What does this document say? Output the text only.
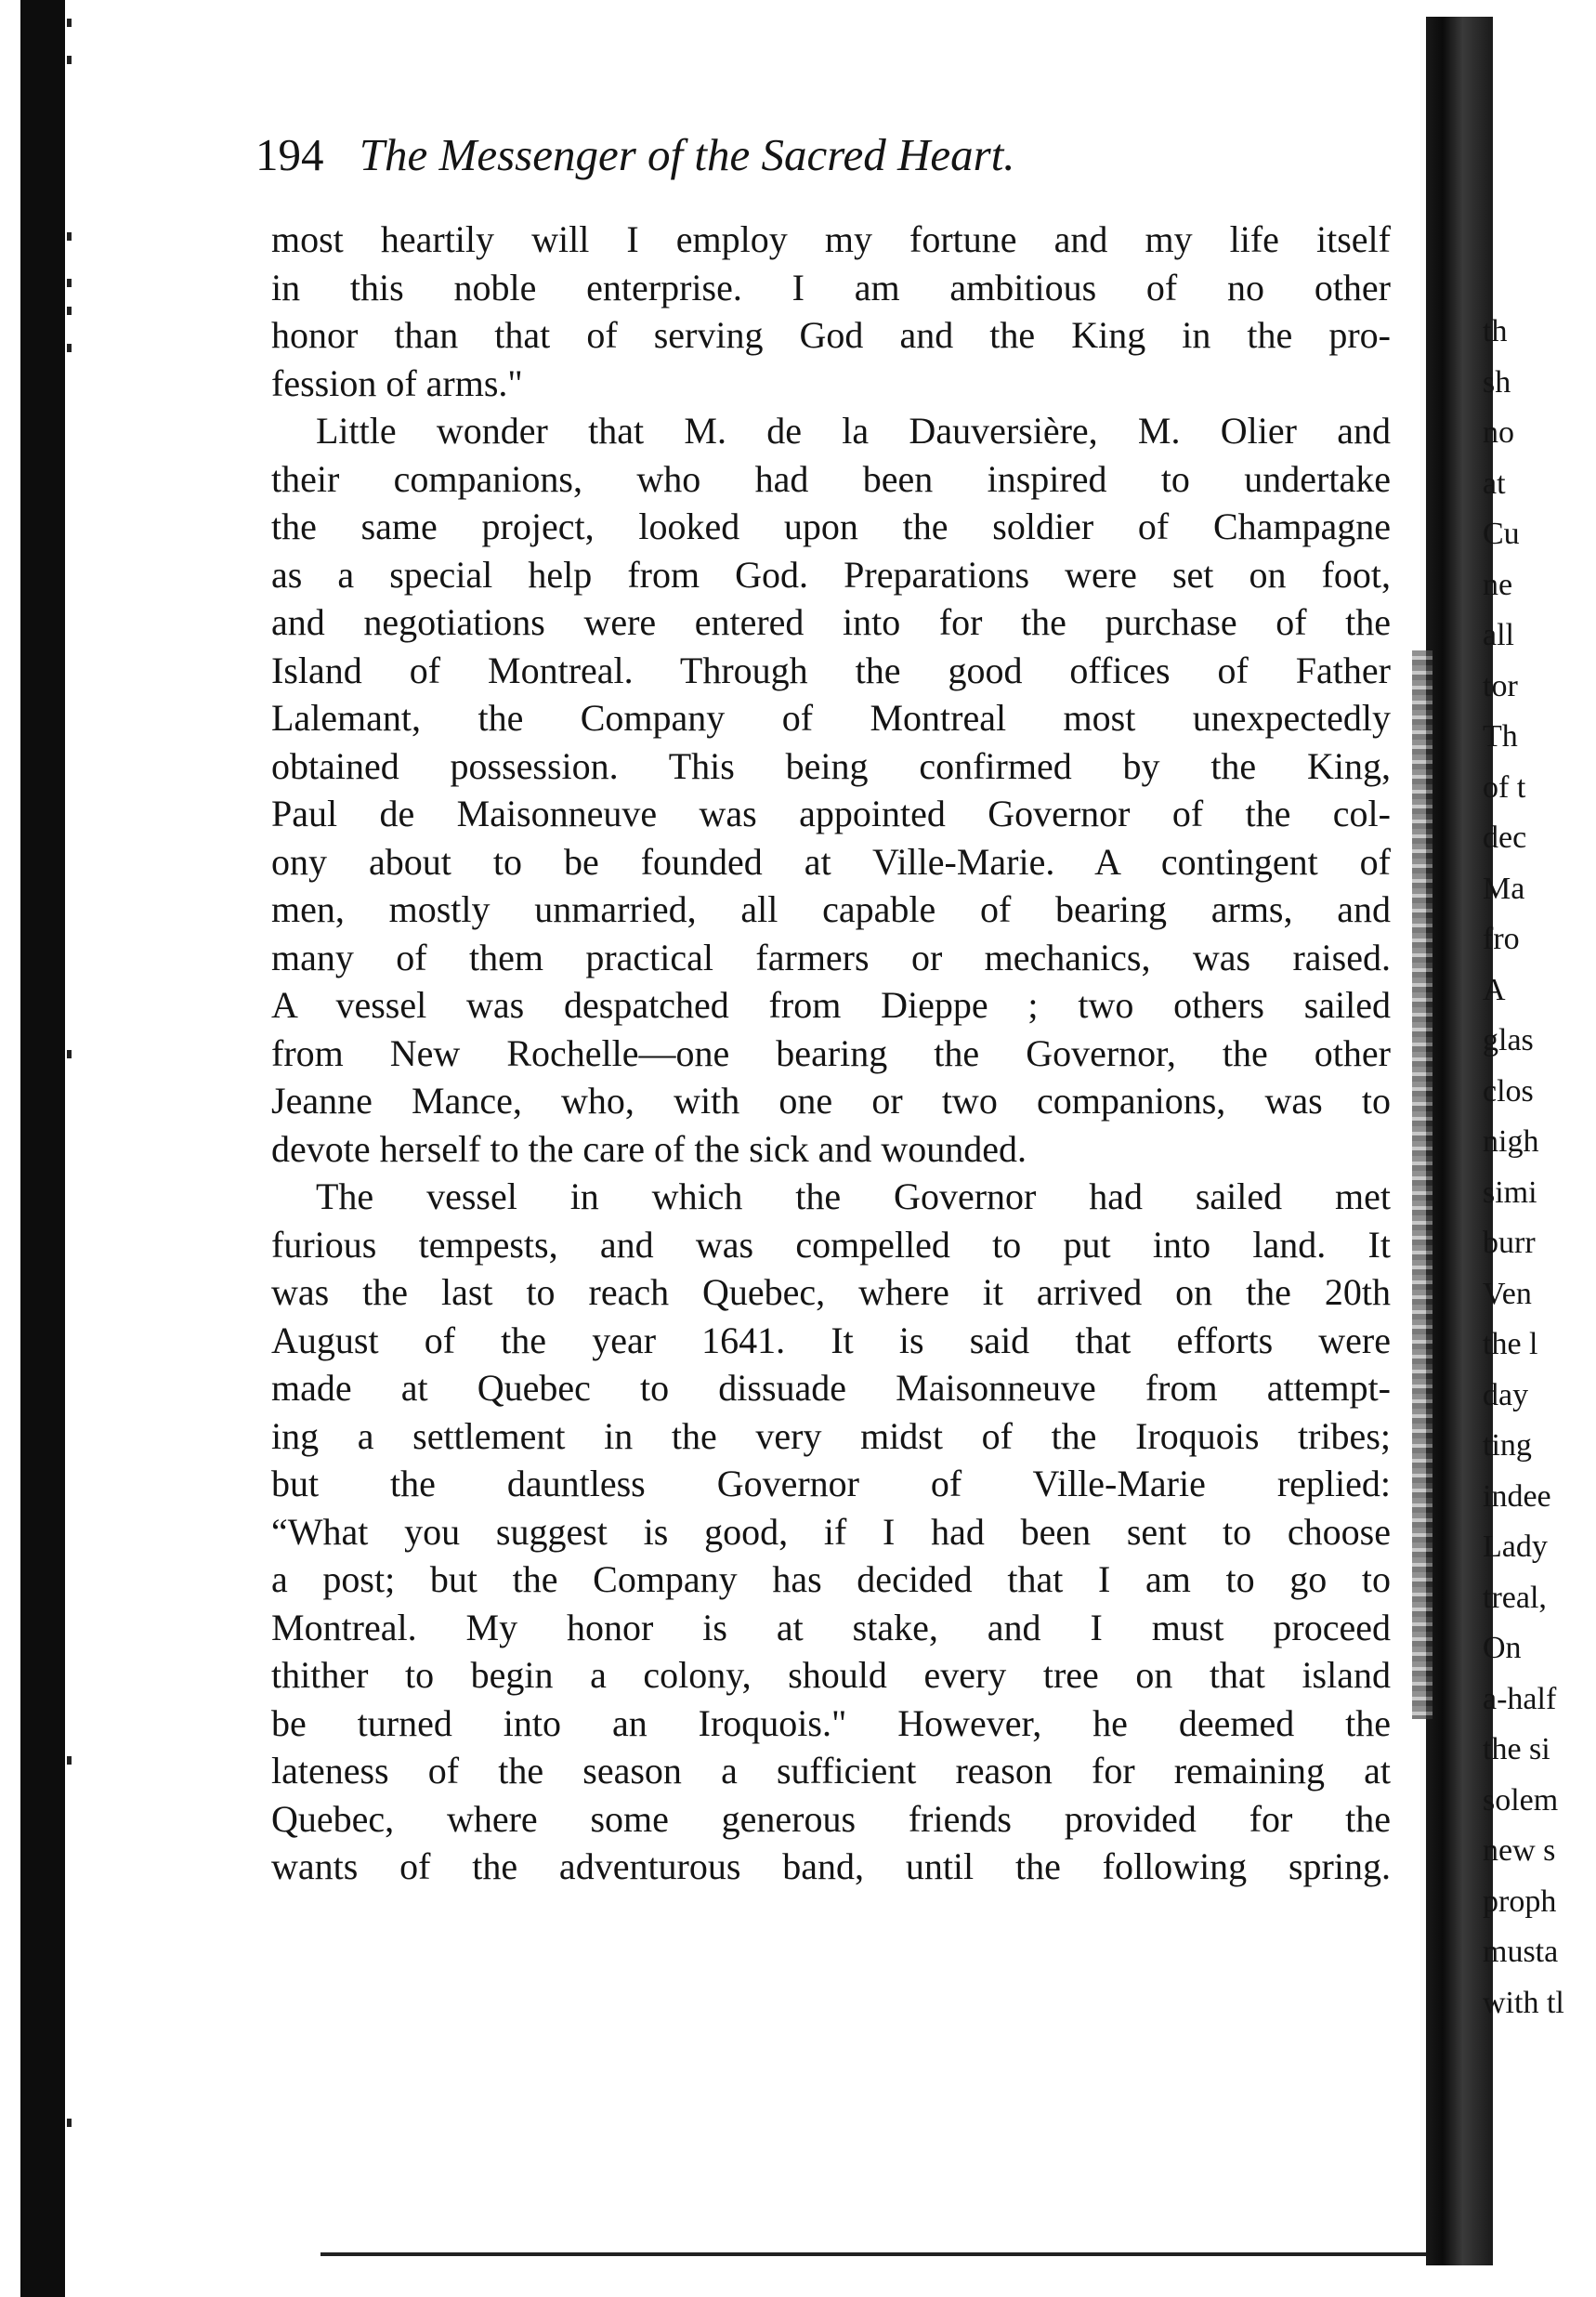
194 The Messenger of the Sacred Heart.
most heartily will I employ my fortune and my life itself
in this noble enterprise. I am ambitious of no other
honor than that of serving God and the King in the pro-
fession of arms."
Little wonder that M. de la Dauversière, M. Olier and
their companions, who had been inspired to undertake
the same project, looked upon the soldier of Champagne
as a special help from God. Preparations were set on foot,
and negotiations were entered into for the purchase of the
Island of Montreal. Through the good offices of Father
Lalemant, the Company of Montreal most unexpectedly
obtained possession. This being confirmed by the King,
Paul de Maisonneuve was appointed Governor of the col-
ony about to be founded at Ville-Marie. A contingent of
men, mostly unmarried, all capable of bearing arms, and
many of them practical farmers or mechanics, was raised.
A vessel was despatched from Dieppe ; two others sailed
from New Rochelle—one bearing the Governor, the other
Jeanne Mance, who, with one or two companions, was to
devote herself to the care of the sick and wounded.
The vessel in which the Governor had sailed met
furious tempests, and was compelled to put into land. It
was the last to reach Quebec, where it arrived on the 20th
August of the year 1641. It is said that efforts were
made at Quebec to dissuade Maisonneuve from attempt-
ing a settlement in the very midst of the Iroquois tribes;
but the dauntless Governor of Ville-Marie replied:
“What you suggest is good, if I had been sent to choose
a post; but the Company has decided that I am to go to
Montreal. My honor is at stake, and I must proceed
thither to begin a colony, should every tree on that island
be turned into an Iroquois." However, he deemed the
lateness of the season a sufficient reason for remaining at
Quebec, where some generous friends provided for the
wants of the adventurous band, until the following spring.
th
sh
no
at
Cu
ne
all
tor
Th
of t
dec
Ma
fro
A
glas
clos
nigh
simi
burr
Ven
the l
day
ting
indee
Lady
treal,
On
a-half
the si
solem
new s
proph
musta
with tl
